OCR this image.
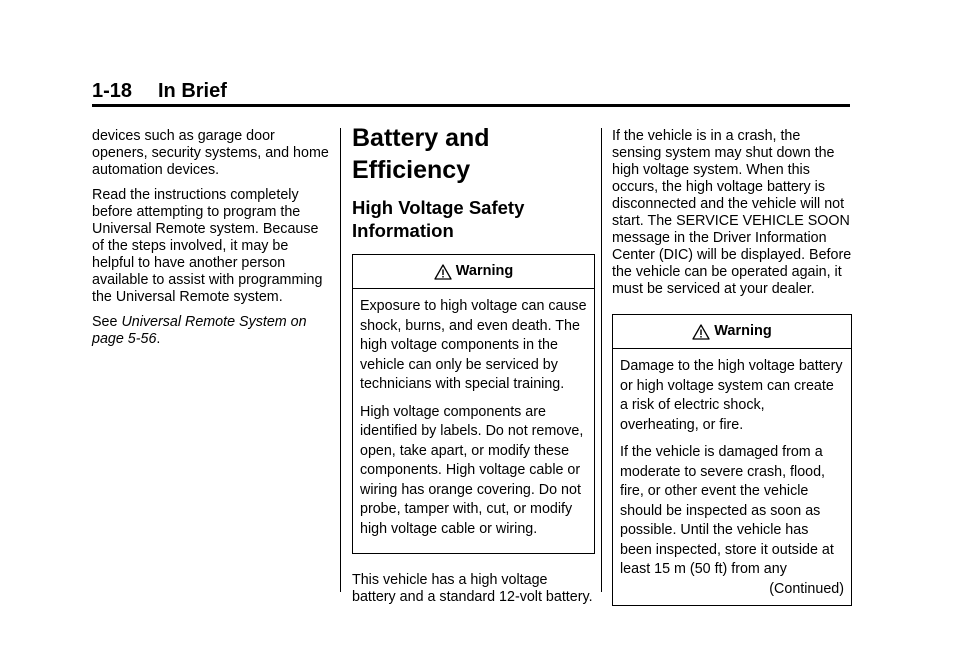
1-18 In Brief

devices such as garage door openers, security systems, and home automation devices.

Read the instructions completely before attempting to program the Universal Remote system. Because of the steps involved, it may be helpful to have another person available to assist with programming the Universal Remote system.

See Universal Remote System on page 5-56.

Battery and Efficiency
High Voltage Safety Information
Warning

Exposure to high voltage can cause shock, burns, and even death. The high voltage components in the vehicle can only be serviced by technicians with special training.

High voltage components are identified by labels. Do not remove, open, take apart, or modify these components. High voltage cable or wiring has orange covering. Do not probe, tamper with, cut, or modify high voltage cable or wiring.

This vehicle has a high voltage battery and a standard 12-volt battery.

If the vehicle is in a crash, the sensing system may shut down the high voltage system. When this occurs, the high voltage battery is disconnected and the vehicle will not start. The SERVICE VEHICLE SOON message in the Driver Information Center (DIC) will be displayed. Before the vehicle can be operated again, it must be serviced at your dealer.

Warning

Damage to the high voltage battery or high voltage system can create a risk of electric shock, overheating, or fire.

If the vehicle is damaged from a moderate to severe crash, flood, fire, or other event the vehicle should be inspected as soon as possible. Until the vehicle has been inspected, store it outside at least 15 m (50 ft) from any

(Continued)
